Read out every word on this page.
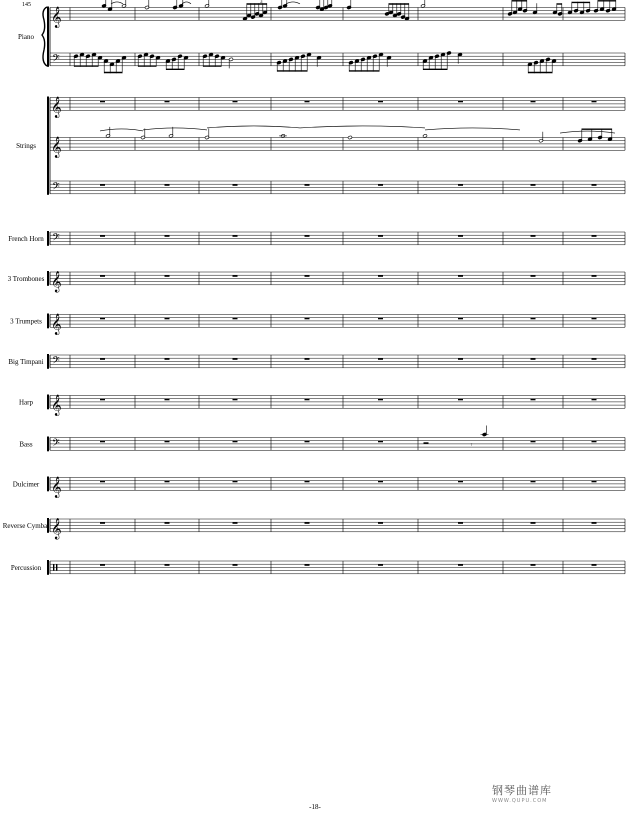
𝄞
𝄢
Piano
𝄞
𝄞
𝄢
Strings
𝄢
French Horn
𝄞
3 Trombones
𝄞
3 Trumpets
𝄢
Big Timpani
𝄞
Harp
𝄢
Bass
𝄞
Dulcimer
𝄞
Reverse Cymbal
Percussion
145	3
𝄾
-18-
钢琴曲谱库
WWW.QUPU.COM
